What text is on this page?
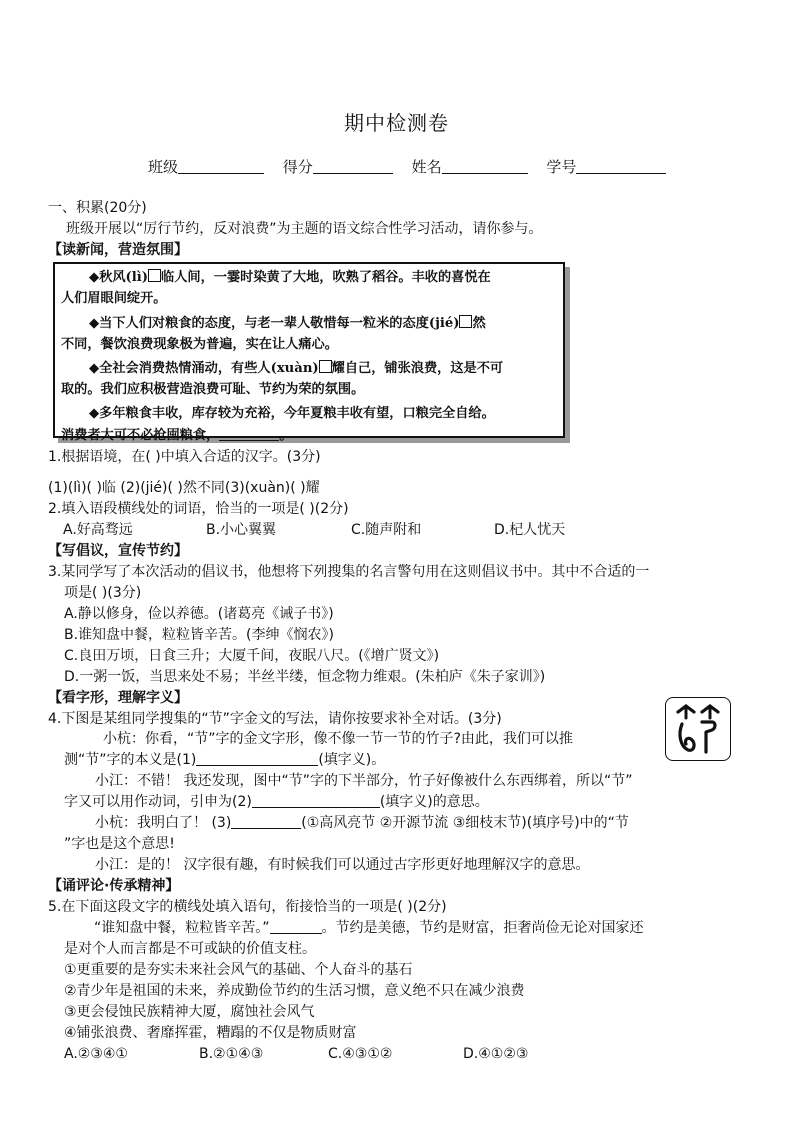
期中检测卷
班级	得分	姓名	学号
一、积累(20分)
班级开展以“厉行节约，反对浪费”为主题的语文综合性学习活动，请你参与。
【读新闻，营造氛围】
◆秋风(lì) 临人间，一霎时染黄了大地，吹熟了稻谷。丰收的喜悦在
人们眉眼间绽开。
◆当下人们对粮食的态度，与老一辈人敬惜每一粒米的态度(jié) 然
不同，餐饮浪费现象极为普遍，实在让人痛心。
◆全社会消费热情涌动，有些人(xuàn) 耀自己，铺张浪费，这是不可
取的。我们应积极营造浪费可耻、节约为荣的氛围。
◆多年粮食丰收，库存较为充裕，今年夏粮丰收有望，口粮完全自给。
消费者大可不必抢囤粮食，	。
1.根据语境，在( )中填入合适的汉字。(3分)
(1)(lì)( )临 (2)(jié)( )然不同(3)(xuàn)( )耀
2.填入语段横线处的词语，恰当的一项是( )(2分)
A.好高骛远	B.小心翼翼	C.随声附和	D.杞人忧天
【写倡议，宣传节约】
3.某同学写了本次活动的倡议书，他想将下列搜集的名言警句用在这则倡议书中。其中不合适的一
项是( )(3分)
A.静以修身，俭以养德。(诸葛亮《诫子书》)
B.谁知盘中餐，粒粒皆辛苦。(李绅《悯农》)
C.良田万顷，日食三升；大厦千间，夜眠八尺。(《增广贤文》)
D.一粥一饭，当思来处不易；半丝半缕，恒念物力维艰。(朱柏庐《朱子家训》)
【看字形，理解字义】
4.下图是某组同学搜集的“节”字金文的写法，请你按要求补全对话。(3分)
小杭：你看，“节”字的金文字形，像不像一节一节的竹子?由此，我们可以推
测“节”字的本义是(1)	(填字义)。
小江：不错！ 我还发现，图中“节”字的下半部分，竹子好像被什么东西绑着，所以“节”
字又可以用作动词，引申为(2)	(填字义)的意思。
小杭：我明白了！ (3)	(①高风亮节 ②开源节流 ③细枝末节)(填序号)中的“节
”字也是这个意思!
小江：是的！ 汉字很有趣，有时候我们可以通过古字形更好地理解汉字的意思。
【诵评论·传承精神】
5.在下面这段文字的横线处填入语句，衔接恰当的一项是( )(2分)
“谁知盘中餐，粒粒皆辛苦。”	。节约是美德，节约是财富，拒奢尚俭无论对国家还
是对个人而言都是不可或缺的价值支柱。
①更重要的是夯实未来社会风气的基础、个人奋斗的基石
②青少年是祖国的未来，养成勤俭节约的生活习惯，意义绝不只在减少浪费
③更会侵蚀民族精神大厦，腐蚀社会风气
④铺张浪费、奢靡挥霍，糟蹋的不仅是物质财富
A.②③④①	B.②①④③	C.④③①②	D.④①②③
